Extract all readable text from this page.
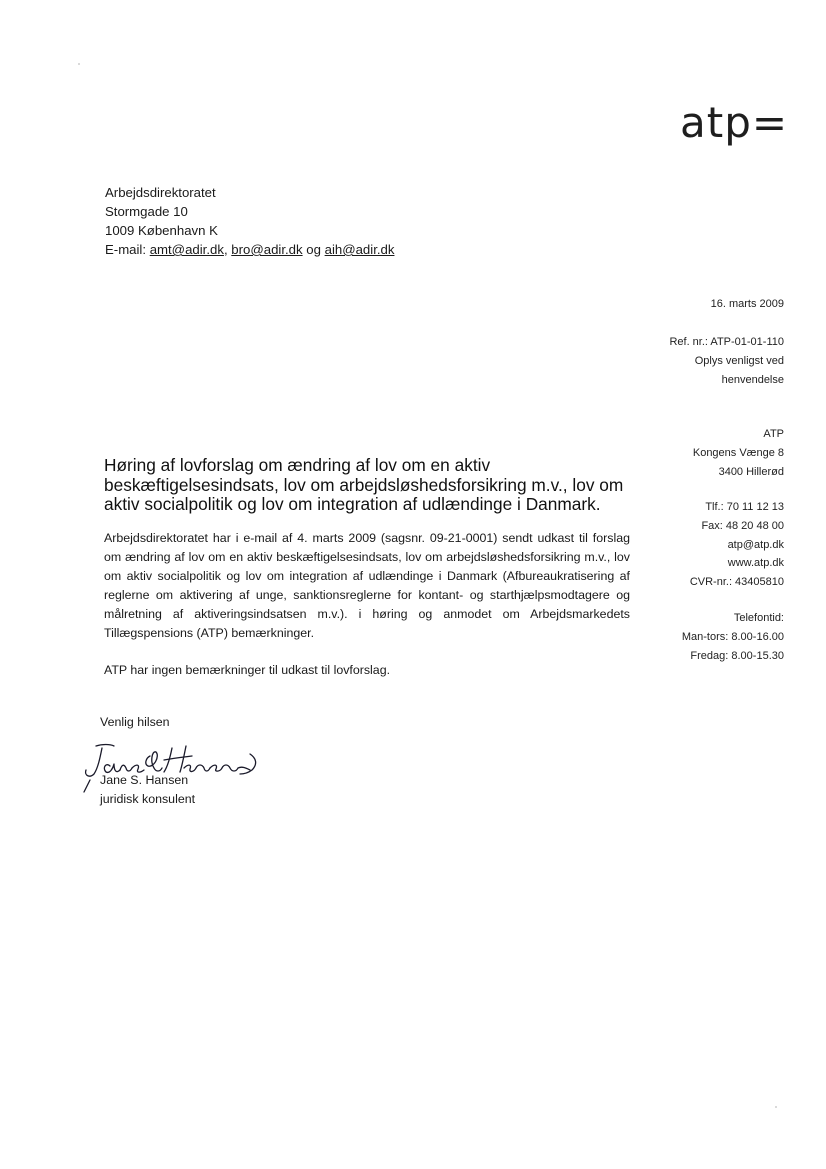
atp=
Arbejdsdirektoratet
Stormgade 10
1009 København K
E-mail: amt@adir.dk, bro@adir.dk og aih@adir.dk
16. marts 2009
Ref. nr.: ATP-01-01-110
Oplys venligst ved
henvendelse
ATP
Kongens Vænge 8
3400 Hillerød
Tlf.: 70 11 12 13
Fax: 48 20 48 00
atp@atp.dk
www.atp.dk
CVR-nr.: 43405810
Telefontid:
Man-tors: 8.00-16.00
Fredag: 8.00-15.30
Høring af lovforslag om ændring af lov om en aktiv beskæftigelsesindsats, lov om arbejdsløshedsforsikring m.v., lov om aktiv socialpolitik og lov om integration af udlændinge i Danmark.
Arbejdsdirektoratet har i e-mail af 4. marts 2009 (sagsnr. 09-21-0001) sendt udkast til forslag om ændring af lov om en aktiv beskæftigelsesindsats, lov om arbejdsløshedsforsikring m.v., lov om aktiv socialpolitik og lov om integration af udlændinge i Danmark (Afbureaukratisering af reglerne om aktivering af unge, sanktionsreglerne for kontant- og starthjælpsmodtagere og målretning af aktiveringsindsatsen m.v.). i høring og anmodet om Arbejdsmarkedets Tillægspensions (ATP) bemærkninger.
ATP har ingen bemærkninger til udkast til lovforslag.
Venlig hilsen
Jane S. Hansen
juridisk konsulent
